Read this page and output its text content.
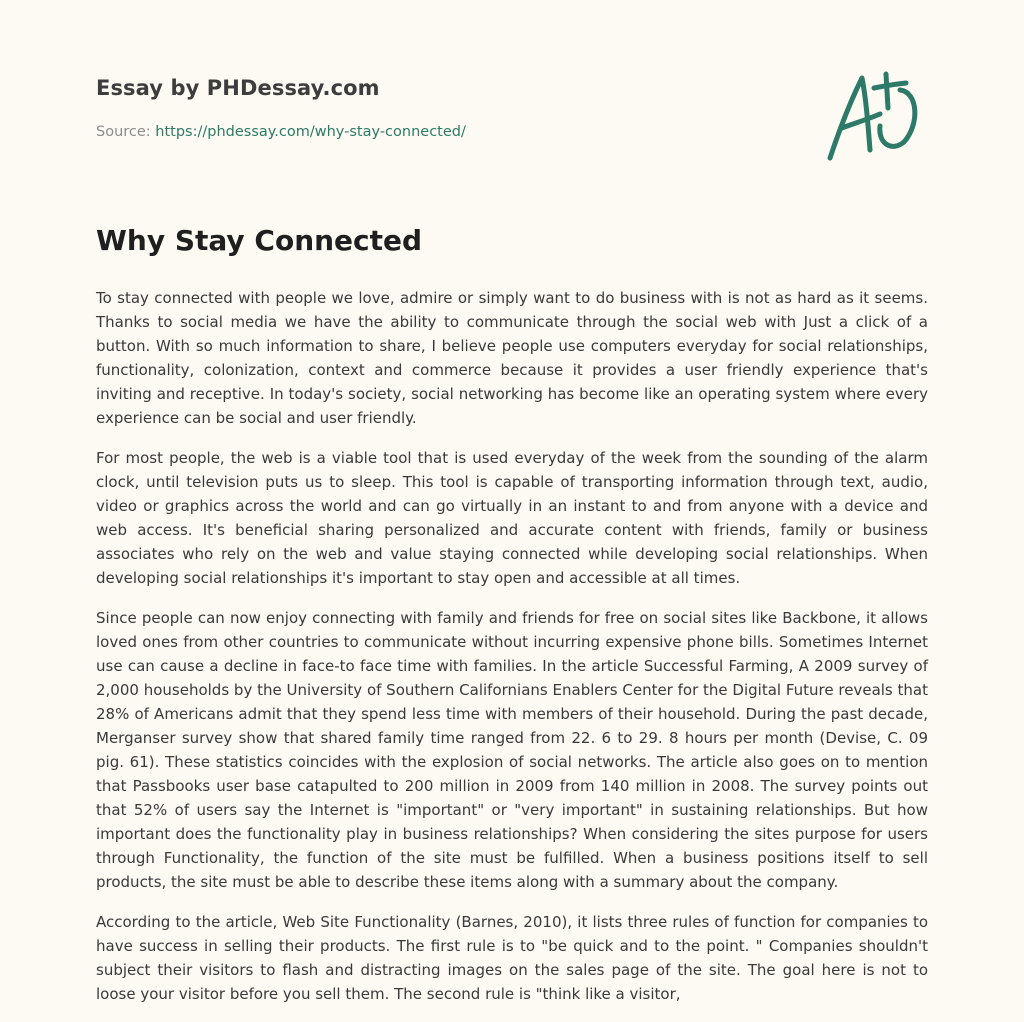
Essay by PHDessay.com
Source: https://phdessay.com/why-stay-connected/
Why Stay Connected

To stay connected with people we love, admire or simply want to do business with is not as hard as it seems. Thanks to social media we have the ability to communicate through the social web with Just a click of a button. With so much information to share, I believe people use computers everyday for social relationships, functionality, colonization, context and commerce because it provides a user friendly experience that's inviting and receptive. In today's society, social networking has become like an operating system where every experience can be social and user friendly.

For most people, the web is a viable tool that is used everyday of the week from the sounding of the alarm clock, until television puts us to sleep. This tool is capable of transporting information through text, audio, video or graphics across the world and can go virtually in an instant to and from anyone with a device and web access. It's beneficial sharing personalized and accurate content with friends, family or business associates who rely on the web and value staying connected while developing social relationships. When developing social relationships it's important to stay open and accessible at all times.

Since people can now enjoy connecting with family and friends for free on social sites like Backbone, it allows loved ones from other countries to communicate without incurring expensive phone bills. Sometimes Internet use can cause a decline in face-to face time with families. In the article Successful Farming, A 2009 survey of 2,000 households by the University of Southern Californians Enablers Center for the Digital Future reveals that 28% of Americans admit that they spend less time with members of their household. During the past decade, Merganser survey show that shared family time ranged from 22. 6 to 29. 8 hours per month (Devise, C. 09 pig. 61). These statistics coincides with the explosion of social networks. The article also goes on to mention that Passbooks user base catapulted to 200 million in 2009 from 140 million in 2008. The survey points out that 52% of users say the Internet is "important" or "very important" in sustaining relationships. But how important does the functionality play in business relationships? When considering the sites purpose for users through Functionality, the function of the site must be fulfilled. When a business positions itself to sell products, the site must be able to describe these items along with a summary about the company.

According to the article, Web Site Functionality (Barnes, 2010), it lists three rules of function for companies to have success in selling their products. The first rule is to "be quick and to the point. " Companies shouldn't subject their visitors to flash and distracting images on the sales page of the site. The goal here is not to loose your visitor before you sell them. The second rule is "think like a visitor,
